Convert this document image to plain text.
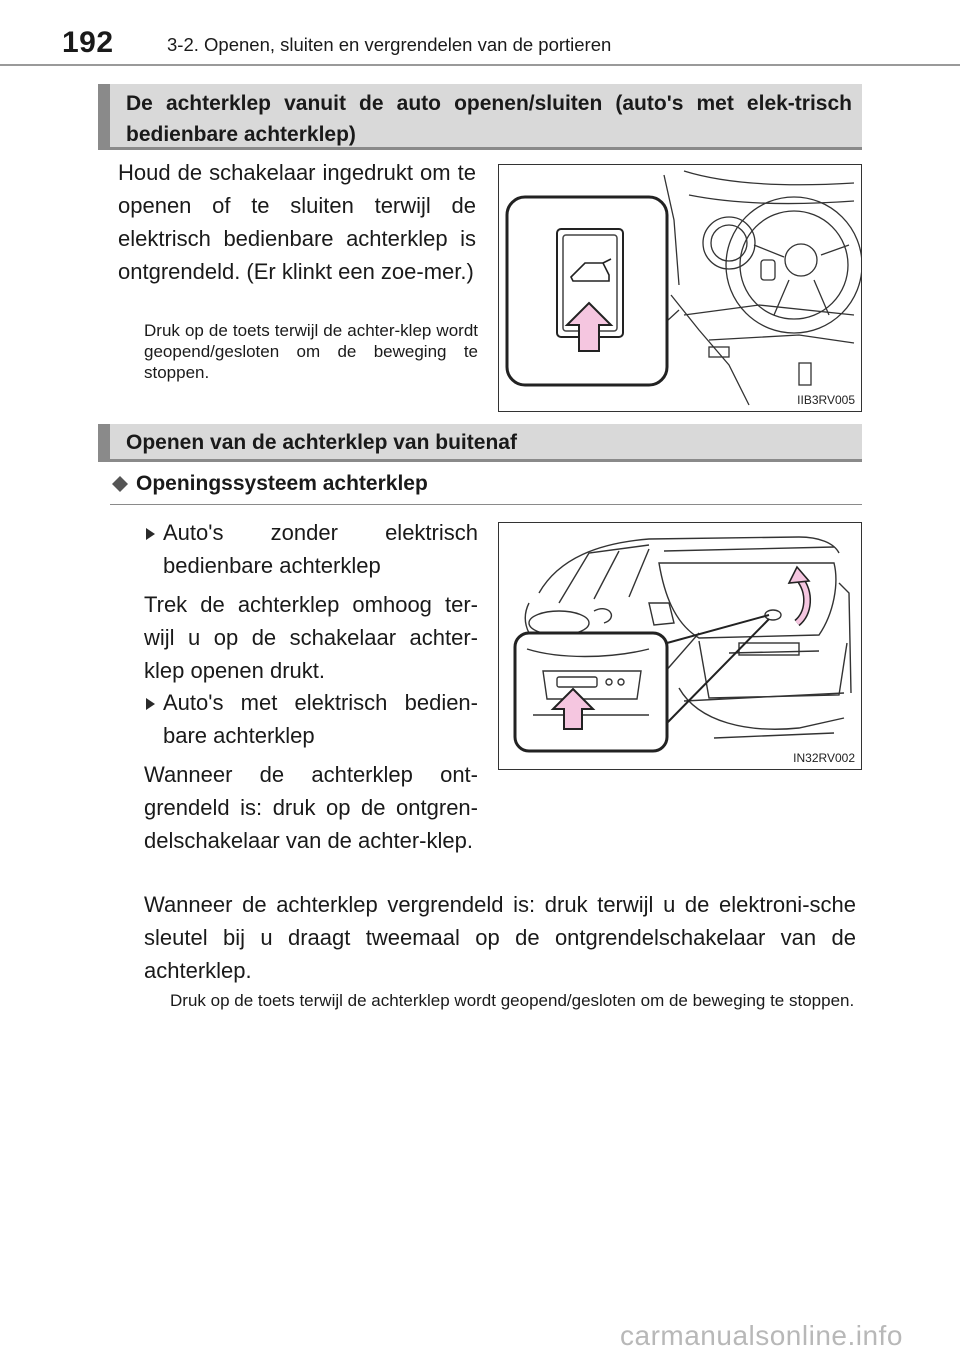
192	3-2. Openen, sluiten en vergrendelen van de portieren
De achterklep vanuit de auto openen/sluiten (auto's met elek-trisch bedienbare achterklep)
Houd de schakelaar ingedrukt om te openen of te sluiten terwijl de elektrisch bedienbare achterklep is ontgrendeld. (Er klinkt een zoe-mer.)
Druk op de toets terwijl de achter-klep wordt geopend/gesloten om de beweging te stoppen.
IIB3RV005
Openen van de achterklep van buitenaf
Openingssysteem achterklep
Auto's zonder elektrisch bedienbare achterklep
Trek de achterklep omhoog ter-wijl u op de schakelaar achter-klep openen drukt.
Auto's met elektrisch bedien-bare achterklep
Wanneer de achterklep ont-grendeld is: druk op de ontgren-delschakelaar van de achter-klep.
Wanneer de achterklep vergrendeld is: druk terwijl u de elektroni-sche sleutel bij u draagt tweemaal op de ontgrendelschakelaar van de achterklep.
Druk op de toets terwijl de achterklep wordt geopend/gesloten om de beweging te stoppen.
IN32RV002
carmanualsonline.info
